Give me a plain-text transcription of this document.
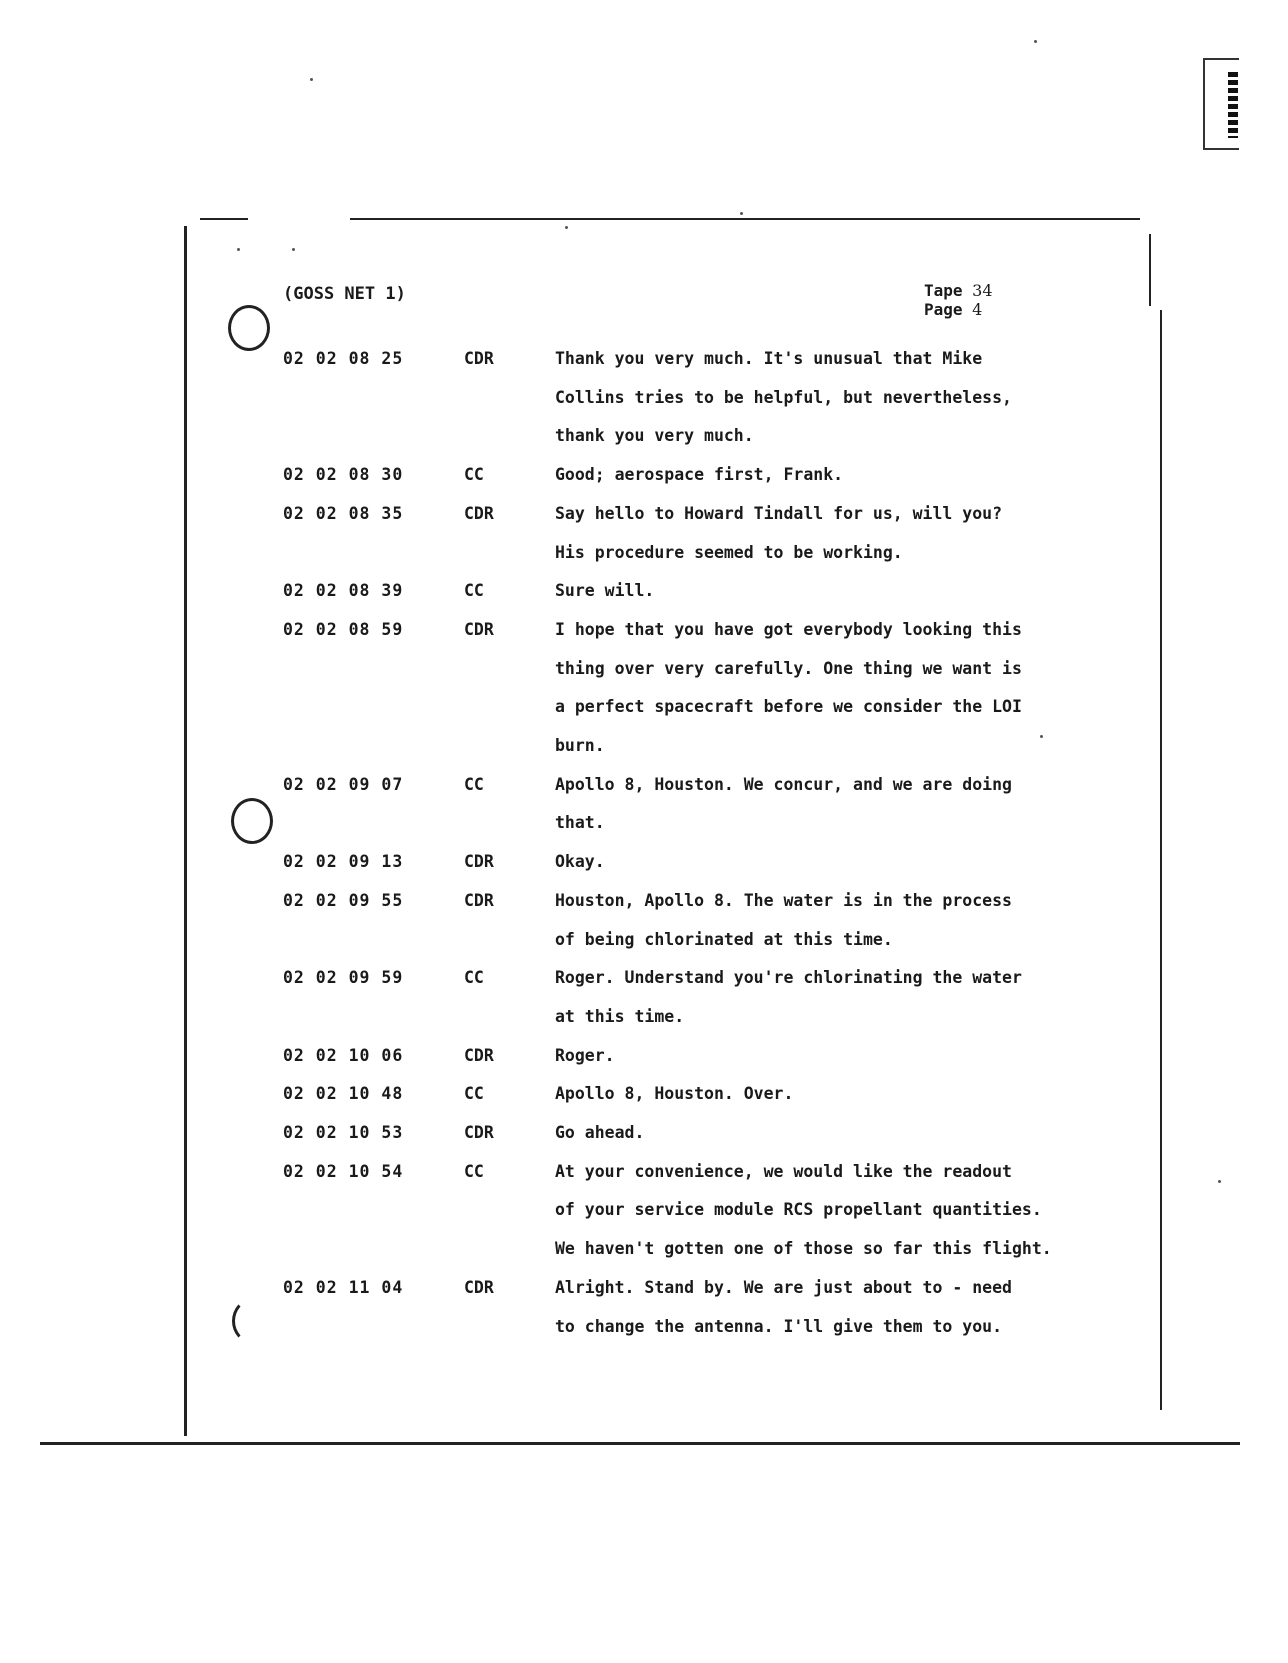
(GOSS NET 1)	Tape 34
Page 4
02 02 08 25	CDR	Thank you very much. It's unusual that Mike
Collins tries to be helpful, but nevertheless,
thank you very much.
02 02 08 30	CC	Good; aerospace first, Frank.
02 02 08 35	CDR	Say hello to Howard Tindall for us, will you?
His procedure seemed to be working.
02 02 08 39	CC	Sure will.
02 02 08 59	CDR	I hope that you have got everybody looking this
thing over very carefully. One thing we want is
a perfect spacecraft before we consider the LOI
burn.
02 02 09 07	CC	Apollo 8, Houston. We concur, and we are doing
that.
02 02 09 13	CDR	Okay.
02 02 09 55	CDR	Houston, Apollo 8. The water is in the process
of being chlorinated at this time.
02 02 09 59	CC	Roger. Understand you're chlorinating the water
at this time.
02 02 10 06	CDR	Roger.
02 02 10 48	CC	Apollo 8, Houston. Over.
02 02 10 53	CDR	Go ahead.
02 02 10 54	CC	At your convenience, we would like the readout
of your service module RCS propellant quantities.
We haven't gotten one of those so far this flight.
02 02 11 04	CDR	Alright. Stand by. We are just about to - need
to change the antenna. I'll give them to you.
